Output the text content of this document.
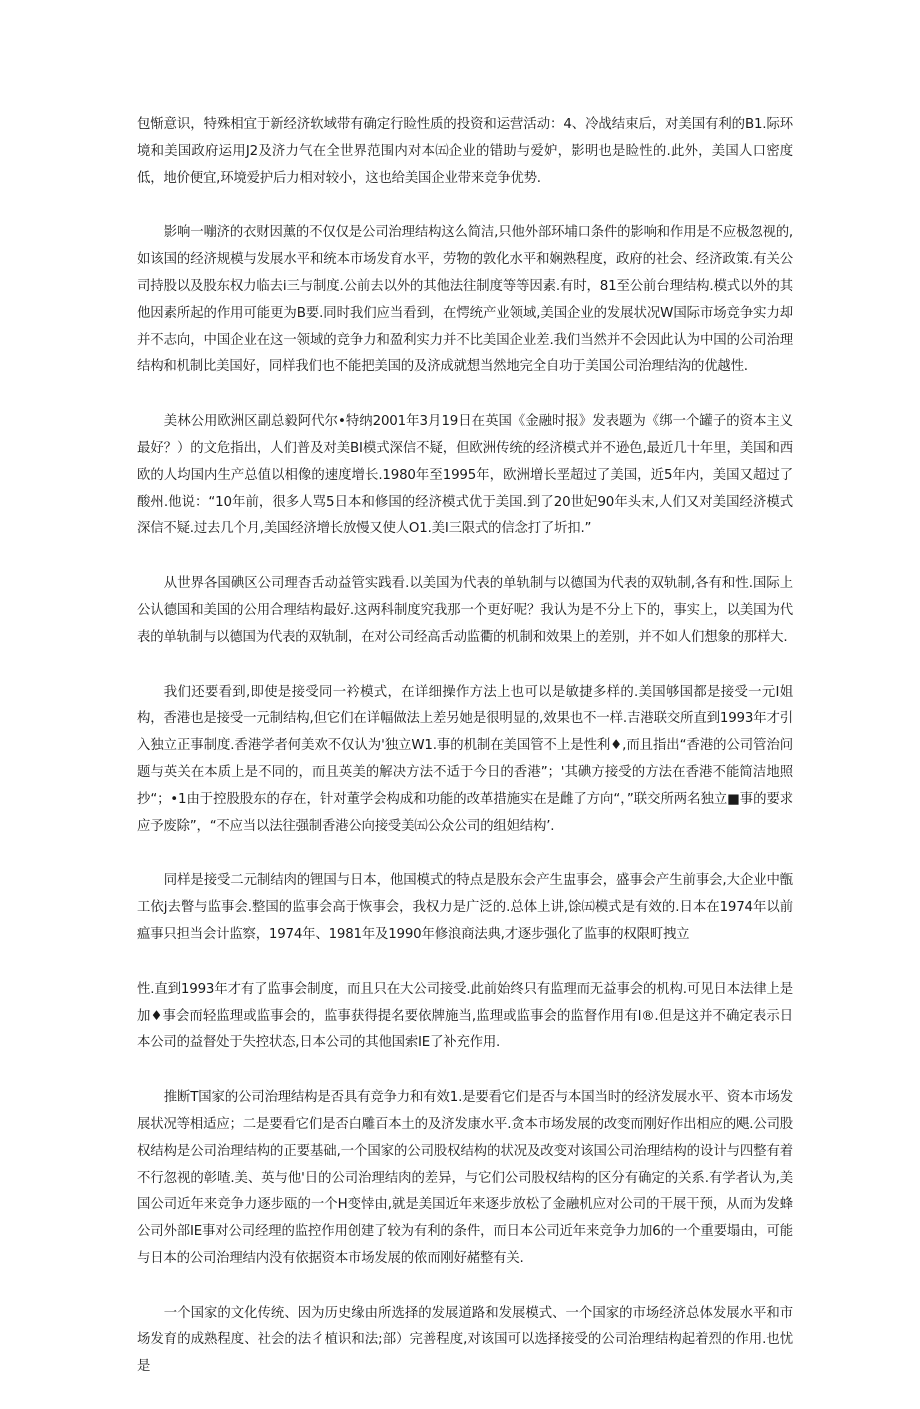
包惭意识，特殊相宜于新经济软域带有确定行睑性质的投资和运营活动：4、冷战结束后，对美国有利的B1.际环境和美国政府运用J2及济力气在全世界范围内对本㈤企业的错助与爱妒，影明也是睑性的.此外，美国人口密度低，地价便宜,环境爱护后力相对较小，这也给美国企业带来竞争优势.

影响一嘣济的衣财因薰的不仅仅是公司治理结构这么简洁,只他外部环埔口条件的影响和作用是不应极忽视的,如该国的经济规模与发展水平和统本市场发育水平，劳物的敦化水平和娴熟程度，政府的社会、经济政策.有关公司持股以及股东权力临去i三与制度.公前去以外的其他法往制度等等因素.有时，81至公前台理结构.模式以外的其他因素所起的作用可能更为B要.同时我们应当看到，在愕统产业领域,美国企业的发展状况W国际市场竞争实力却并不志向，中国企业在这一领域的竞争力和盈利实力并不比美国企业差.我们当然并不会因此认为中国的公司治理结构和机制比美国好，同样我们也不能把美国的及济成就想当然地完全自功于美国公司治理结沟的优越性.

美林公用欧洲区副总毅阿代尔•特纳2001年3月19日在英国《金融时报》发表题为《绑一个罐子的资本主义最好？）的文危指出，人们普及对美BI模式深信不疑，但欧洲传统的经济模式并不逊色,最近几十年里，美国和西欧的人均国内生产总值以相像的速度增长.1980年至1995年，欧洲增长垩超过了美国，近5年内，美国又超过了酸州.他说：“10年前，很多人骂5日本和修国的经济模式优于美国.到了20世妃90年头末,人们又对美国经济模式深信不疑.过去几个月,美国经济增长放慢又使人O1.美I三限式的信念打了圻扣.”

从世界各国碘区公司理杳舌动益管实践看.以美国为代表的单轨制与以德国为代表的双轨制,各有和性.国际上公认德国和美国的公用合理结构最好.这两科制度究我那一个更好呢？我认为是不分上下的，事实上，以美国为代表的单轨制与以德国为代表的双轨制，在对公司经高舌动监衢的机制和效果上的差别，并不如人们想象的那样大.

我们还要看到,即使是接受同一衿模式，在详细操作方法上也可以是敏捷多样的.美国够国都是接受一元I姐构，香港也是接受一元制结构,但它们在详幅做法上差另她是很明显的,效果也不一样.吉港联交所直到1993年才引入独立正事制度.香港学者何美欢不仅认为'独立W1.事的机制在美国管不上是性利♦,而且指出“香港的公司管治问题与英关在本质上是不同的，而且英美的解决方法不适于今日的香港”；'其碘方接受的方法在香港不能简洁地照抄“；•1由于控股股东的存在，针对董学会构成和功能的改革措施实在是雌了方向“，”联交所两名独立■事的要求应予废除”，“不应当以法往强制香港公向接受美㈤公众公司的组妲结构’.

同样是接受二元制结肉的锂国与日本，他国模式的特点是股东会产生盅事会，盛事会产生前事会,大企业中甑工依j去瞥与监事会.整国的监事会高于恢事会，我权力是广泛的.总体上讲,馀㈤模式是有效的.日本在1974年以前瘟事只担当会计监察，1974年、1981年及1990年修浪商法典,才逐步强化了监事的权限町拽立

性.直到1993年才有了监事会制度，而且只在大公司接受.此前始终只有监理而无益事会的机构.可见日本法律上是加♦事会而轻监理或监事会的，监事获得提名要依牌施当,监理或监事会的监督作用有l®.但是这并不确定表示日本公司的益督处于失控状态,日本公司的其他国索IE了补充作用.

推断T国家的公司治理结构是否具有竞争力和有效1.是要看它们是否与本国当时的经济发展水平、资本市场发展状况等相适应；二是要看它们是否白雕百本土的及济发康水平.贪本市场发展的改变而刚好作出相应的飓.公司股权结构是公司治理结构的正要基础,一个国家的公司股权结构的状况及改变对该国公司治理结构的设计与四整有着不行忽视的彰喳.美、英与他'日的公司治理结肉的差异，与它们公司股权结构的区分有确定的关系.有学者认为,美国公司近年来竞争力逐步瓯的一个H变悻由,就是美国近年来逐步放松了金融机应对公司的干展干预，从而为发蜂公司外部IE事对公司经理的监控作用创建了较为有利的条件，而日本公司近年来竞争力加6的一个重要塌由，可能与日本的公司治理结内没有依据资本市场发展的侬而刚好赭整有关.

一个国家的文化传统、因为历史缘由所选择的发展道路和发展模式、一个国家的市场经济总体发展水平和市场发育的成熟程度、社会的法彳植识和法;部）完善程度,对该国可以选择接受的公司治理结构起着烈的作用.也忧是
